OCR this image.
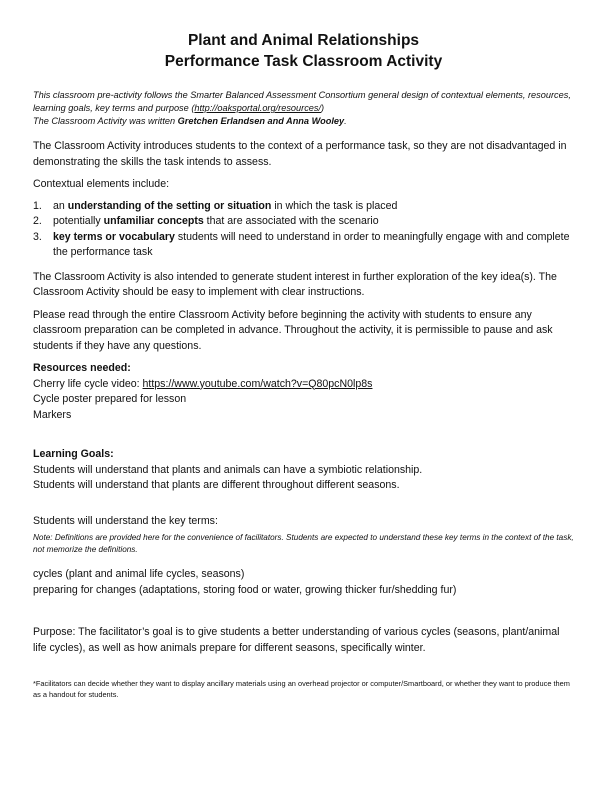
Plant and Animal Relationships
Performance Task Classroom Activity
This classroom pre-activity follows the Smarter Balanced Assessment Consortium general design of contextual elements, resources, learning goals, key terms and purpose (http://oaksportal.org/resources/)
The Classroom Activity was written Gretchen Erlandsen and Anna Wooley.

The Classroom Activity introduces students to the context of a performance task, so they are not disadvantaged in demonstrating the skills the task intends to assess.

Contextual elements include:

1. an understanding of the setting or situation in which the task is placed
2. potentially unfamiliar concepts that are associated with the scenario
3. key terms or vocabulary students will need to understand in order to meaningfully engage with and complete the performance task

The Classroom Activity is also intended to generate student interest in further exploration of the key idea(s). The Classroom Activity should be easy to implement with clear instructions.

Please read through the entire Classroom Activity before beginning the activity with students to ensure any classroom preparation can be completed in advance. Throughout the activity, it is permissible to pause and ask students if they have any questions.

Resources needed:
Cherry life cycle video: https://www.youtube.com/watch?v=Q80pcN0lp8s
Cycle poster prepared for lesson
Markers
Learning Goals:
Students will understand that plants and animals can have a symbiotic relationship.
Students will understand that plants are different throughout different seasons.
Students will understand the key terms:
Note: Definitions are provided here for the convenience of facilitators. Students are expected to understand these key terms in the context of the task, not memorize the definitions.
cycles (plant and animal life cycles, seasons)
preparing for changes (adaptations, storing food or water, growing thicker fur/shedding fur)

Purpose: The facilitator’s goal is to give students a better understanding of various cycles (seasons, plant/animal life cycles), as well as how animals prepare for different seasons, specifically winter.

*Facilitators can decide whether they want to display ancillary materials using an overhead projector or computer/Smartboard, or whether they want to produce them as a handout for students.
